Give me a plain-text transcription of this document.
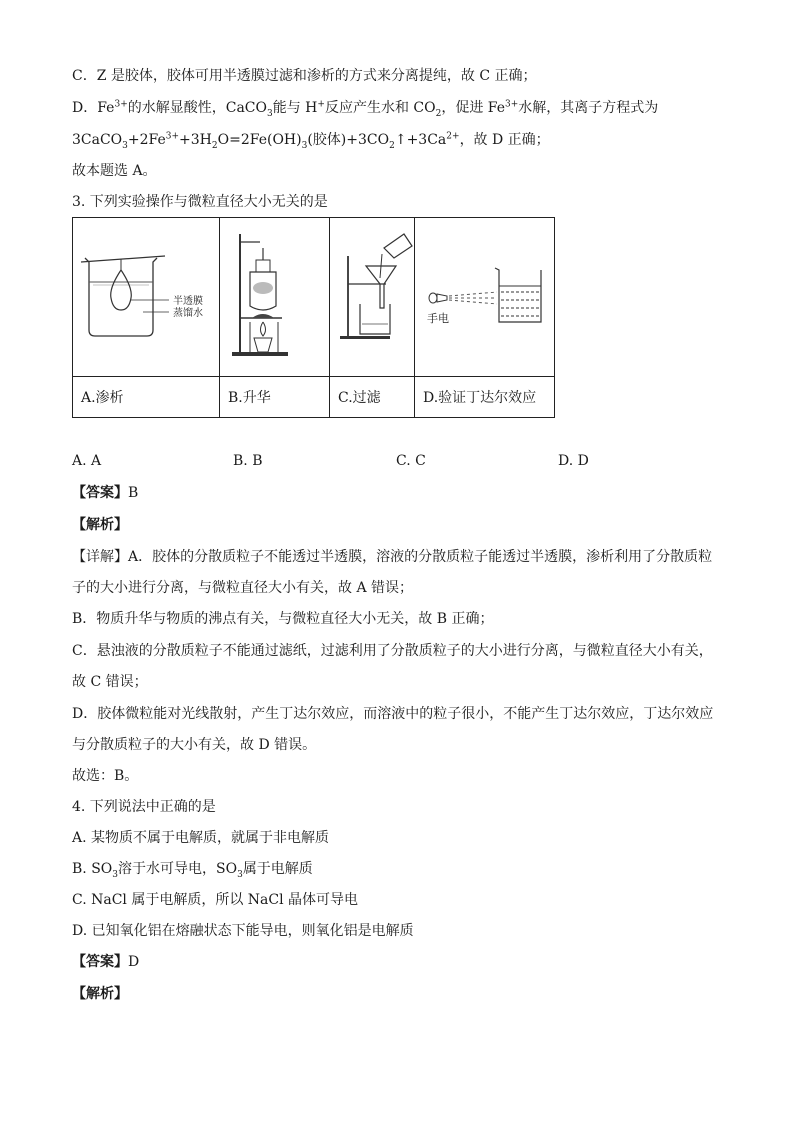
C．Z 是胶体，胶体可用半透膜过滤和渗析的方式来分离提纯，故 C 正确；
D．$Fe^{3+}$的水解显酸性，CaCO$_3$能与 H+反应产生水和 $CO_2$，促进 $Fe^{3+}$水解，其离子方程式为
$3CaCO_3+2Fe^{3+}+3H_2O=2Fe(OH)_3$(胶体)$+3CO_2↑+3Ca^{2+}$，故 D 正确；
故本题选 A。
3. 下列实验操作与微粒直径大小无关的是
半透膜
蒸馏水			手电

A.渗析	B.升华	C.过滤	D.验证丁达尔效应
A. A	B. B	C. C	D. D
【答案】B
【解析】
【详解】A．胶体的分散质粒子不能透过半透膜，溶液的分散质粒子能透过半透膜，渗析利用了分散质粒
子的大小进行分离，与微粒直径大小有关，故 A 错误；
B．物质升华与物质的沸点有关，与微粒直径大小无关，故 B 正确；
C．悬浊液的分散质粒子不能通过滤纸，过滤利用了分散质粒子的大小进行分离，与微粒直径大小有关，
故 C 错误；
D．胶体微粒能对光线散射，产生丁达尔效应，而溶液中的粒子很小，不能产生丁达尔效应，丁达尔效应
与分散质粒子的大小有关，故 D 错误。
故选：B。
4. 下列说法中正确的是
A. 某物质不属于电解质，就属于非电解质
B. $SO_3$溶于水可导电，$SO_3$属于电解质
C. NaCl 属于电解质，所以 NaCl 晶体可导电
D. 已知氧化铝在熔融状态下能导电，则氧化铝是电解质
【答案】D
【解析】
